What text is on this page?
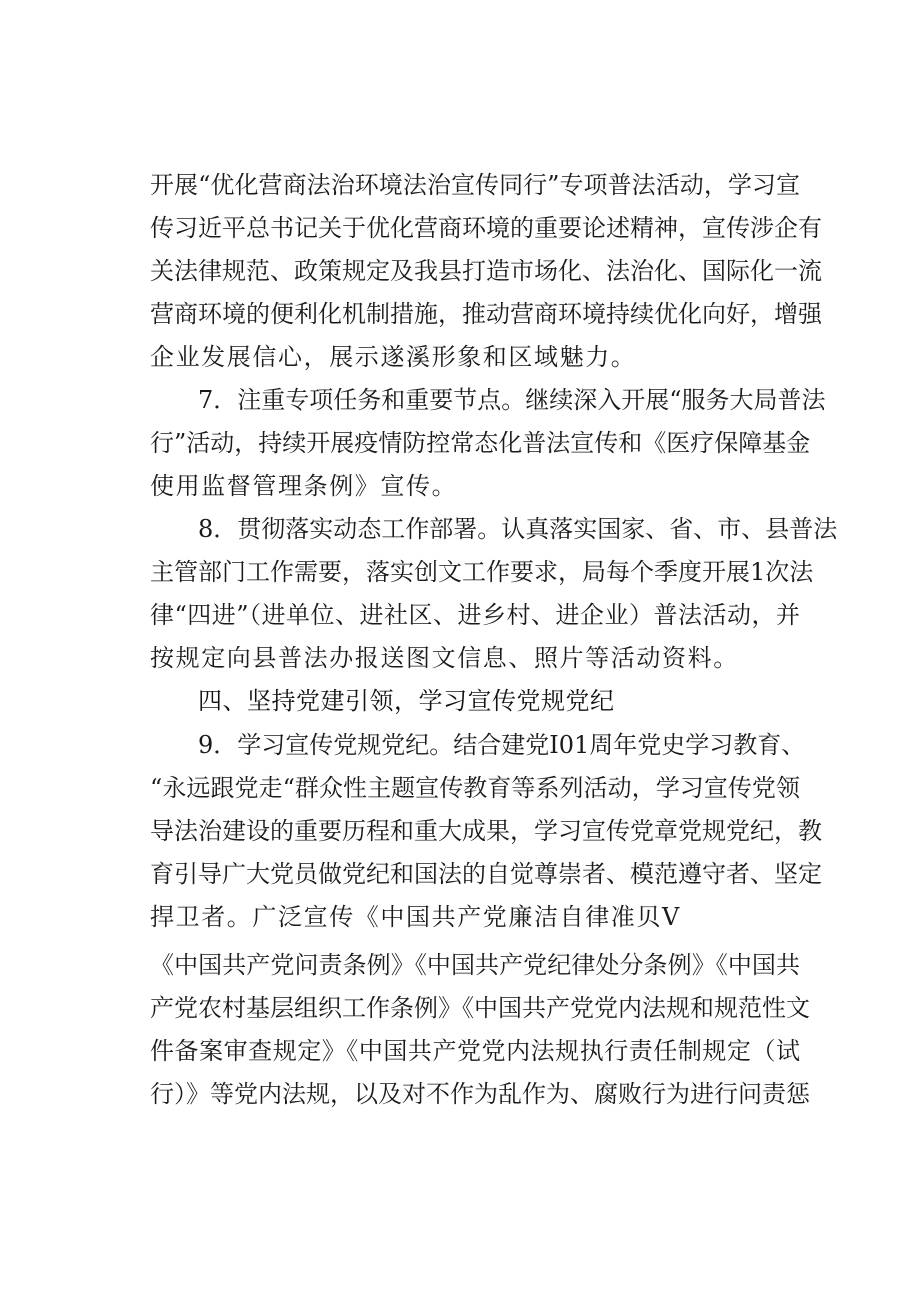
开展“优化营商法治环境法治宣传同行”专项普法活动，学习宣
传习近平总书记关于优化营商环境的重要论述精神，宣传涉企有
关法律规范、政策规定及我县打造市场化、法治化、国际化一流
营商环境的便利化机制措施，推动营商环境持续优化向好，增强
企业发展信心，展示遂溪形象和区域魅力。
7．注重专项任务和重要节点。继续深入开展“服务大局普法
行”活动，持续开展疫情防控常态化普法宣传和《医疗保障基金
使用监督管理条例》宣传。
8．贯彻落实动态工作部署。认真落实国家、省、市、县普法
主管部门工作需要，落实创文工作要求，局每个季度开展1次法
律“四进”（进单位、进社区、进乡村、进企业）普法活动，并
按规定向县普法办报送图文信息、照片等活动资料。
四、坚持党建引领，学习宣传党规党纪
9．学习宣传党规党纪。结合建党I01周年党史学习教育、
“永远跟党走“群众性主题宣传教育等系列活动，学习宣传党领
导法治建设的重要历程和重大成果，学习宣传党章党规党纪，教
育引导广大党员做党纪和国法的自觉尊崇者、模范遵守者、坚定
捍卫者。广泛宣传《中国共产党廉洁自律准贝V
《中国共产党问责条例》《中国共产党纪律处分条例》《中国共
产党农村基层组织工作条例》《中国共产党党内法规和规范性文
件备案审查规定》《中国共产党党内法规执行责任制规定（试
行）》等党内法规，以及对不作为乱作为、腐败行为进行问责惩
